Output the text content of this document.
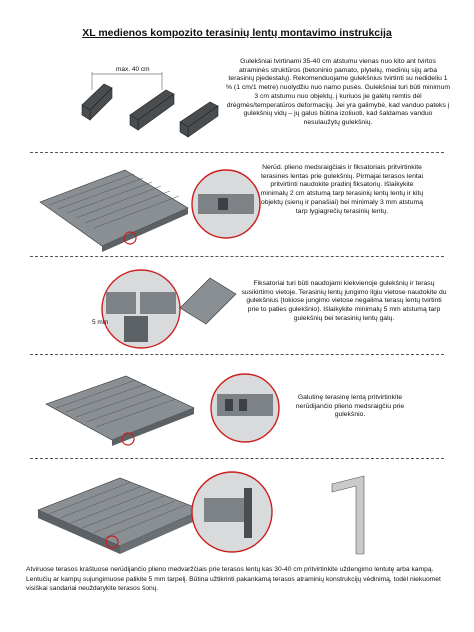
XL medienos kompozito terasinių lentų montavimo instrukcija
max. 40 cm
Gulekšniai tvirtinami 35-40 cm atstumu vienas nuo kito ant tvirtos atraminės struktūros (betoninio pamato, plytelių, medinių sijų arba terasinių pjedestalų). Rekomenduojame gulekšnius tvirtinti su nedideliu 1 % (1 cm/1 metre) nuolydžiu nuo namo pusės. Gulekšniai turi būti minimum 3 cm atstumu nuo objektų, į kuriuos jie galėtų remtis dėl drėgmės/temperatūros deformacijų. Jei yra galimybė, kad vanduo pateks į gulekšnių vidų – jų galus būtina izoliuoti, kad šaldamas vanduo nesulaužytų gulekšnių.
Nerūd. plieno medsraigčiais ir fiksatoriais pritvirtinkite terasines lentas prie gulekšnių. Pirmajai terasos lentai pritvirtinti naudokite pradinį fiksatorių. Išlaikykite minimalų 2 cm atstumą tarp terasinių lentų lentų ir kitų objektų (sienų ir panašiai) bei minimaly 3 mm atstumą tarp lygiagrečių terasinių lentų.
5 mm
Fiksatoriai turi būti naudojami kiekvienoje gulekšnių ir terasų susikirtimo vietoje. Terasinių lentų jungimo ilgiu vietose naudokite du gulekšnius (tokiose jungimo vietose negalima terasų lentų tvirtinti prie to paties gulekšnio). Išlaikykite minimalų 5 mm atstumą tarp gulekšnių bei terasinių lentų galų.
Galutinę terasinę lentą pritvirtinkite nerūdijančio plieno medsraigčiu prie gulekšnio.
Atviruose terasos kraštuose nerūdijančio plieno medvaržčiais prie terasos lentų kas 30-40 cm pritvirtinkite uždengimo lentutę arba kampą. Lentučių ar kampų sujungimuose palikite 5 mm tarpelį. Būtina užtikrinti pakankamą terasos atraminių konstrukcijų vėdinimą, todėl niekuomet visiškai sandariai neuždarykite terasos šonų.
